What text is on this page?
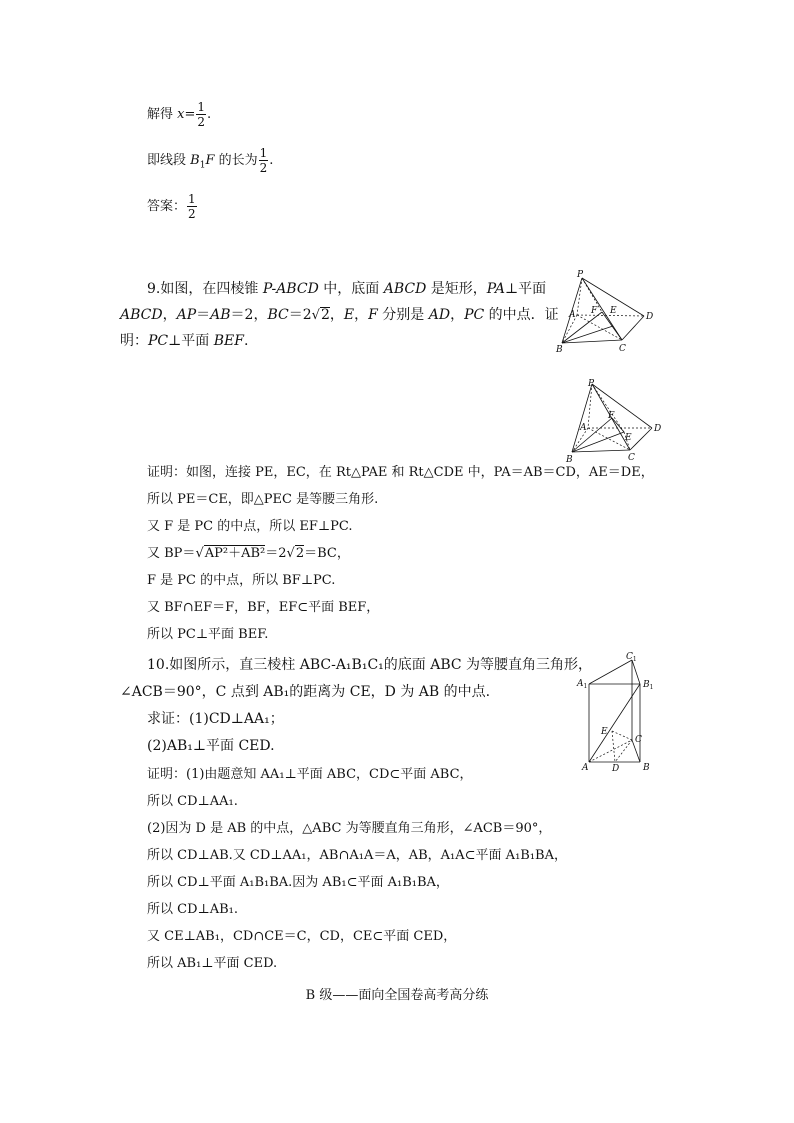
解得 $x= \frac{1}{2}$ .
即线段 $B_1F$ 的长为 $\frac{1}{2}$ .
答案： $\frac{1}{2}$
9.如图，在四棱锥 P-ABCD 中，底面 ABCD 是矩形，PA⊥平面
ABCD，AP＝AB＝2，BC＝2√2，E，F 分别是 AD，PC 的中点．证
明：PC⊥平面 BEF.
P
A
B	C
D
E
F
P
A
B	C
D
E
F
证明：如图，连接 PE，EC，在 Rt△PAE 和 Rt△CDE 中，PA＝AB＝CD，AE＝DE，
所以 PE＝CE，即△PEC 是等腰三角形.
又 F 是 PC 的中点，所以 EF⊥PC.
又 BP＝√AP²＋AB²＝2√2＝BC，
F 是 PC 的中点，所以 BF⊥PC.
又 BF∩EF＝F，BF，EF⊂平面 BEF，
所以 PC⊥平面 BEF.
10.如图所示，直三棱柱 ABC-A₁B₁C₁的底面 ABC 为等腰直角三角形，
∠ACB＝90°，C 点到 AB₁的距离为 CE，D 为 AB 的中点.
求证：(1)CD⊥AA₁；
(2)AB₁⊥平面 CED.
$C_1$
$A_1$	$B_1$
E
C
A	D	B
证明：(1)由题意知 AA₁⊥平面 ABC，CD⊂平面 ABC，
所以 CD⊥AA₁.
(2)因为 D 是 AB 的中点，△ABC 为等腰直角三角形，∠ACB＝90°，
所以 CD⊥AB.又 CD⊥AA₁，AB∩A₁A＝A，AB，A₁A⊂平面 A₁B₁BA，
所以 CD⊥平面 A₁B₁BA.因为 AB₁⊂平面 A₁B₁BA，
所以 CD⊥AB₁.
又 CE⊥AB₁，CD∩CE＝C，CD，CE⊂平面 CED，
所以 AB₁⊥平面 CED.
B 级——面向全国卷高考高分练
